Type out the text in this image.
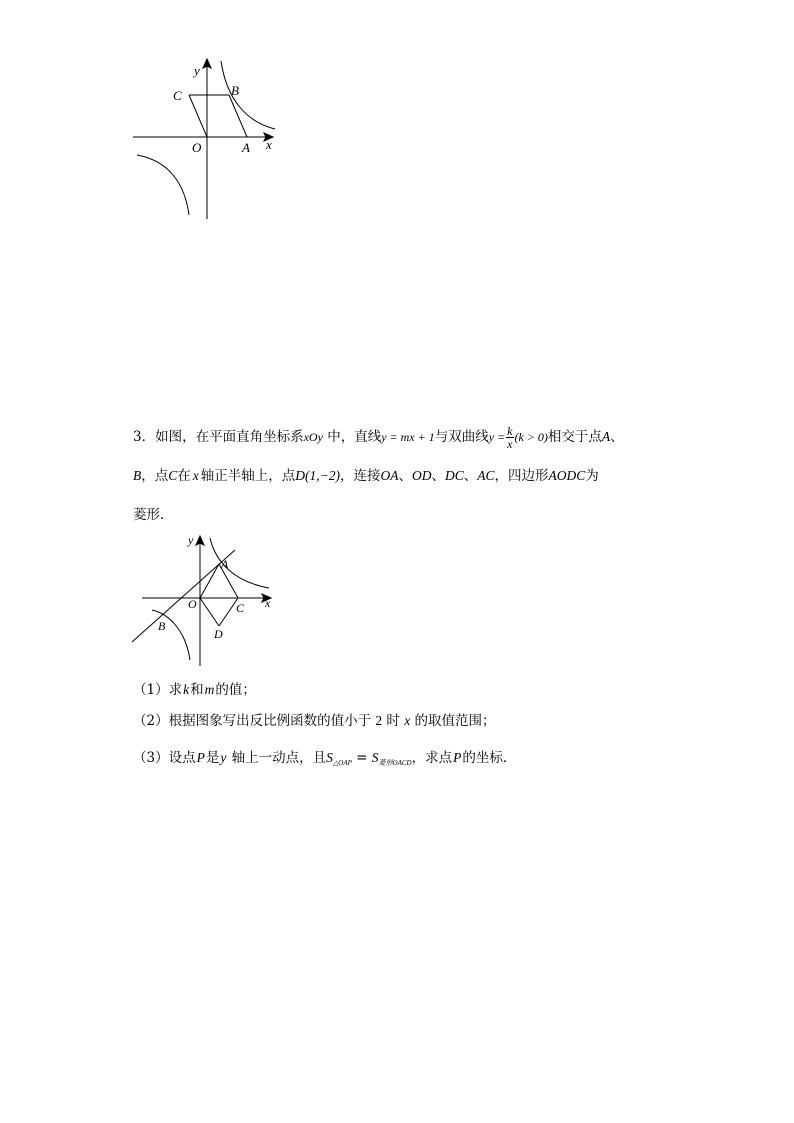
y
C	B
O	A x
3．如图，在平面直角坐标系xOy 中，直线y = mx + 1与双曲线$y = \frac{k}{x} (k > 0)$相交于点A、
B，点C在 x 轴正半轴上，点D(1,−2)，连接OA、OD、DC、AC，四边形AODC为
菱形．
y
A
O	C x
D
B
（1）求k和m的值；
（2）根据图象写出反比例函数的值小于 2 时 x 的取值范围；
（3）设点P是y 轴上一动点，且$S_{\triangle OAP} = S_{菱形OACD}$，求点P的坐标．
